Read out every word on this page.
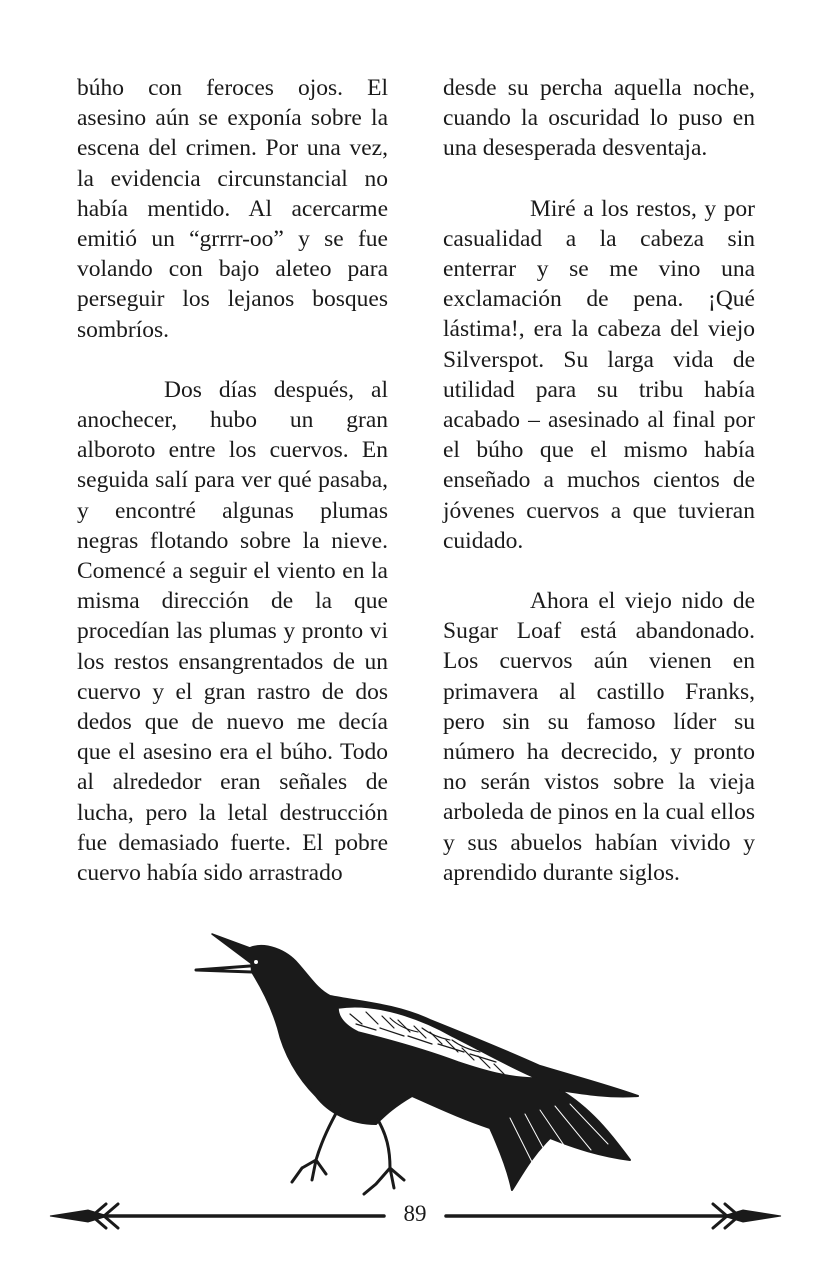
búho con feroces ojos. El asesino aún se exponía sobre la escena del crimen. Por una vez, la evidencia circunstancial no había mentido. Al acercarme emitió un “grrrr-oo” y se fue volando con bajo aleteo para perseguir los lejanos bosques sombríos.

Dos días después, al anochecer, hubo un gran alboroto entre los cuervos. En seguida salí para ver qué pasaba, y encontré algunas plumas negras flotando sobre la nieve. Comencé a seguir el viento en la misma dirección de la que procedían las plumas y pronto vi los restos ensangrentados de un cuervo y el gran rastro de dos dedos que de nuevo me decía que el asesino era el búho. Todo al alrededor eran señales de lucha, pero la letal destrucción fue demasiado fuerte. El pobre cuervo había sido arrastrado

desde su percha aquella noche, cuando la oscuridad lo puso en una desesperada desventaja.

Miré a los restos, y por casualidad a la cabeza sin enterrar y se me vino una exclamación de pena. ¡Qué lástima!, era la cabeza del viejo Silverspot. Su larga vida de utilidad para su tribu había acabado – asesinado al final por el búho que el mismo había enseñado a muchos cientos de jóvenes cuervos a que tuvieran cuidado.

Ahora el viejo nido de Sugar Loaf está abandonado. Los cuervos aún vienen en primavera al castillo Franks, pero sin su famoso líder su número ha decrecido, y pronto no serán vistos sobre la vieja arboleda de pinos en la cual ellos y sus abuelos habían vivido y aprendido durante siglos.

89
